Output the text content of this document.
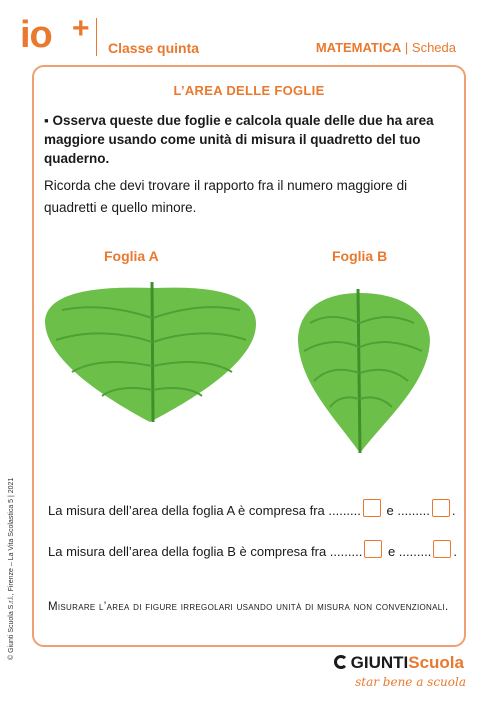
io +
Classe quinta	MATEMATICA | Scheda
L’AREA DELLE FOGLIE
▪ Osserva queste due foglie e calcola quale delle due ha area maggiore usando come unità di misura il quadretto del tuo quaderno.
Ricorda che devi trovare il rapporto fra il numero maggiore di quadretti e quello minore.
Foglia A	Foglia B
La misura dell’area della foglia A è compresa fra ......... e ......... .
La misura dell’area della foglia B è compresa fra ......... e ......... .
Misurare l’area di figure irregolari usando unità di misura non convenzionali.
© Giunti Scuola S.r.l., Firenze – La Vita Scolastica 5 | 2021
GIUNTIScuola
star bene a scuola
